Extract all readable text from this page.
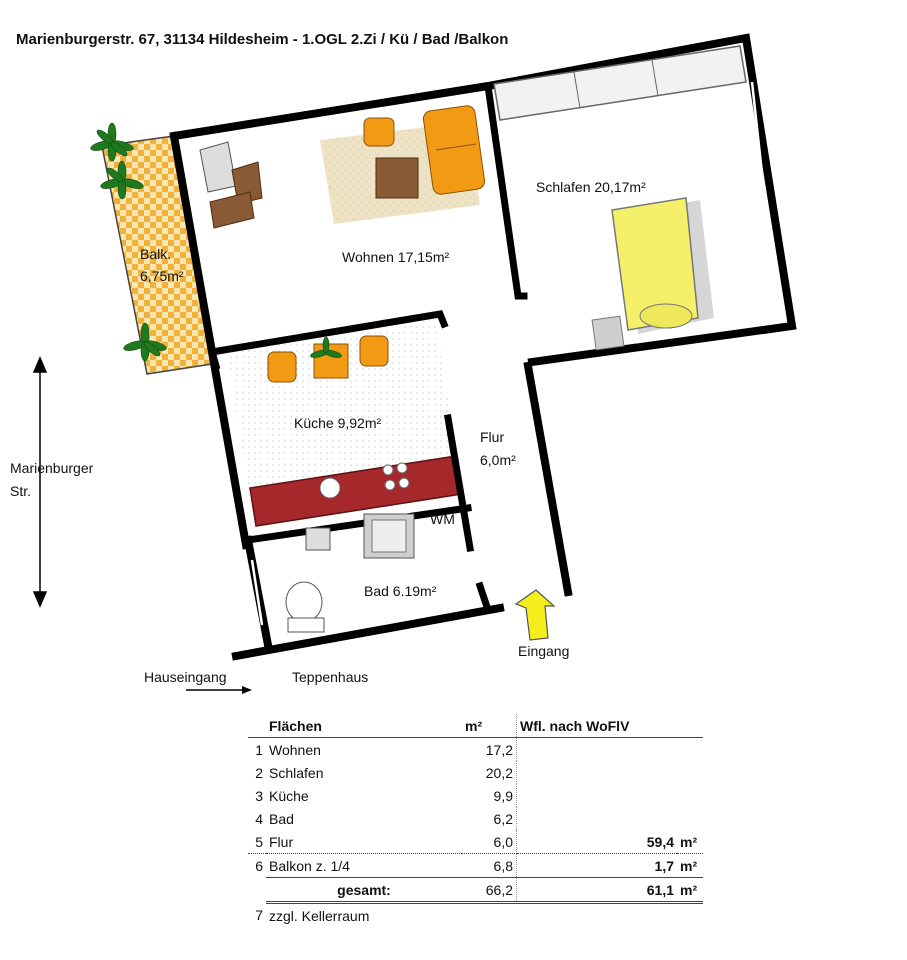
Marienburgerstr. 67, 31134 Hildesheim - 1.OGL 2.Zi / Kü / Bad /Balkon
Balk.
6,75m²
Schlafen 20,17m²
Wohnen 17,15m²
Küche 9,92m²
Flur
6,0m²
Bad 6.19m²
WM
Marienburger
Str.
Hauseingang	Teppenhaus
Eingang
	Flächen	m²	Wfl. nach WoFlV	
1	Wohnen	17,2		
2	Schlafen	20,2		
3	Küche	9,9		
4	Bad	6,2		
5	Flur	6,0	59,4	m²
6	Balkon z. 1/4	6,8	1,7	m²
	gesamt:	66,2	61,1	m²
7	zzgl. Kellerraum			
